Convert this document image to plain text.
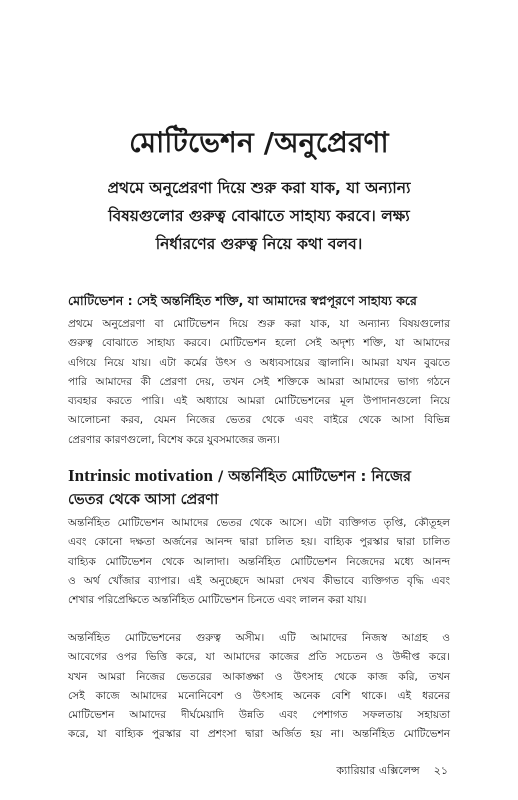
মোটিভেশন /অনুপ্রেরণা
প্রথমে অনুপ্রেরণা দিয়ে শুরু করা যাক, যা অন্যান্য
বিষয়গুলোর গুরুত্ব বোঝাতে সাহায্য করবে। লক্ষ্য
নির্ধারণের গুরুত্ব নিয়ে কথা বলব।
মোটিভেশন : সেই অন্তর্নিহিত শক্তি, যা আমাদের স্বপ্নপূরণে সাহায্য করে
প্রথমে অনুপ্রেরণা বা মোটিভেশন দিয়ে শুরু করা যাক, যা অন্যান্য বিষয়গুলোর
গুরুত্ব বোঝাতে সাহায্য করবে। মোটিভেশন হলো সেই অদৃশ্য শক্তি, যা আমাদের
এগিয়ে নিয়ে যায়। এটা কর্মের উৎস ও অধ্যবসায়ের জ্বালানি। আমরা যখন বুঝতে
পারি আমাদের কী প্রেরণা দেয়, তখন সেই শক্তিকে আমরা আমাদের ভাগ্য গঠনে
ব্যবহার করতে পারি। এই অধ্যায়ে আমরা মোটিভেশনের মূল উপাদানগুলো নিয়ে
আলোচনা করব, যেমন নিজের ভেতর থেকে এবং বাইরে থেকে আসা বিভিন্ন
প্রেরণার কারণগুলো, বিশেষ করে যুবসমাজের জন্য।
Intrinsic motivation / অন্তর্নিহিত মোটিভেশন : নিজের ভেতর থেকে আসা প্রেরণা
অন্তর্নিহিত মোটিভেশন আমাদের ভেতর থেকে আসে। এটা ব্যক্তিগত তৃপ্তি, কৌতূহল
এবং কোনো দক্ষতা অর্জনের আনন্দ দ্বারা চালিত হয়। বাহ্যিক পুরস্কার দ্বারা চালিত
বাহ্যিক মোটিভেশন থেকে আলাদা। অন্তর্নিহিত মোটিভেশন নিজেদের মধ্যে আনন্দ
ও অর্থ খোঁজার ব্যাপার। এই অনুচ্ছেদে আমরা দেখব কীভাবে ব্যক্তিগত বৃদ্ধি এবং
শেখার পরিপ্রেক্ষিতে অন্তর্নিহিত মোটিভেশন চিনতে এবং লালন করা যায়।
অন্তর্নিহিত মোটিভেশনের গুরুত্ব অসীম। এটি আমাদের নিজস্ব আগ্রহ ও
আবেগের ওপর ভিত্তি করে, যা আমাদের কাজের প্রতি সচেতন ও উদ্দীপ্ত করে।
যখন আমরা নিজের ভেতরের আকাঙ্ক্ষা ও উৎসাহ থেকে কাজ করি, তখন
সেই কাজে আমাদের মনোনিবেশ ও উৎসাহ অনেক বেশি থাকে। এই ধরনের
মোটিভেশন আমাদের দীর্ঘমেয়াদি উন্নতি এবং পেশাগত সফলতায় সহায়তা
করে, যা বাহ্যিক পুরস্কার বা প্রশংসা দ্বারা অর্জিত হয় না। অন্তর্নিহিত মোটিভেশন
ক্যারিয়ার এক্সিলেন্স ২১
